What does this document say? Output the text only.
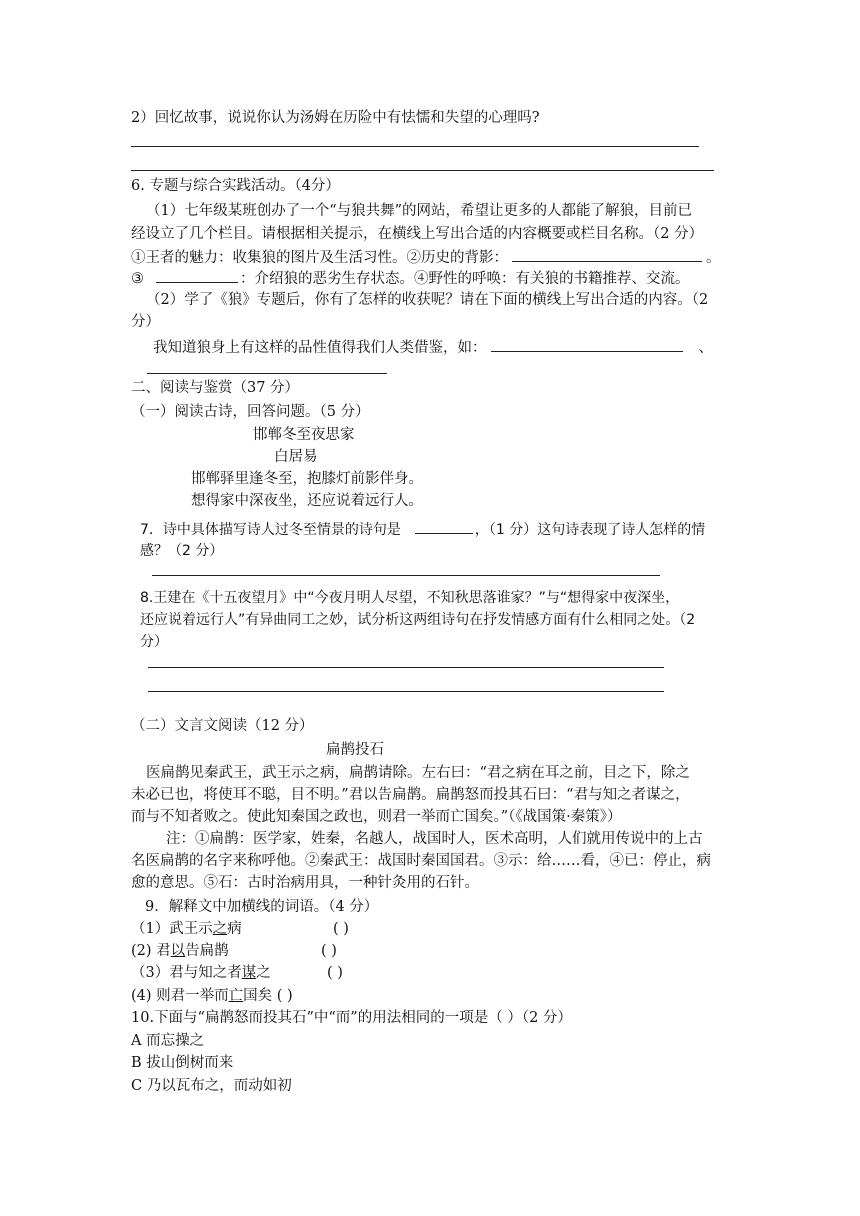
2）回忆故事，说说你认为汤姆在历险中有怯懦和失望的心理吗?
6. 专题与综合实践活动。（4分）
（1）七年级某班创办了一个“与狼共舞”的网站，希望让更多的人都能了解狼，目前已
经设立了几个栏目。请根据相关提示，在横线上写出合适的内容概要或栏目名称。（2 分）
①王者的魅力：收集狼的图片及生活习性。②历史的背影：	。
③	：介绍狼的恶劣生存状态。④野性的呼唤：有关狼的书籍推荐、交流。
（2）学了《狼》专题后，你有了怎样的收获呢？请在下面的横线上写出合适的内容。（2
分）
我知道狼身上有这样的品性值得我们人类借鉴，如：	、
二、阅读与鉴赏（37 分）
（一）阅读古诗，回答问题。（5 分）
邯郸冬至夜思家
白居易
邯郸驿里逢冬至，抱膝灯前影伴身。
想得家中深夜坐，还应说着远行人。
7．诗中具体描写诗人过冬至情景的诗句是	，（1 分）这句诗表现了诗人怎样的情
感？（2 分）
8.王建在《十五夜望月》中“今夜月明人尽望，不知秋思落谁家？”与“想得家中夜深坐，
还应说着远行人”有异曲同工之妙，试分析这两组诗句在抒发情感方面有什么相同之处。（2
分）
（二）文言文阅读（12 分）
扁鹊投石
医扁鹊见秦武王，武王示之病，扁鹊请除。左右曰：“君之病在耳之前，目之下，除之
未必已也，将使耳不聪，目不明。”君以告扁鹊。扁鹊怒而投其石曰：“君与知之者谋之，
而与不知者败之。使此知秦国之政也，则君一举而亡国矣。”（《战国策·秦策》）
注：①扁鹊：医学家，姓秦，名越人，战国时人，医术高明，人们就用传说中的上古
名医扁鹊的名字来称呼他。②秦武王：战国时秦国国君。③示：给……看，④已：停止，病
愈的意思。⑤石：古时治病用具，一种针灸用的石针。
9．解释文中加横线的词语。（4 分）
（1）武王示之病	( )
(2) 君以告扁鹊	( )
（3）君与知之者谋之	( )
(4) 则君一举而亡国矣 ( )
10.下面与“扁鹊怒而投其石”中“而”的用法相同的一项是（ ）（2 分）
A 而忘操之
B 拔山倒树而来
C 乃以瓦布之，而动如初
